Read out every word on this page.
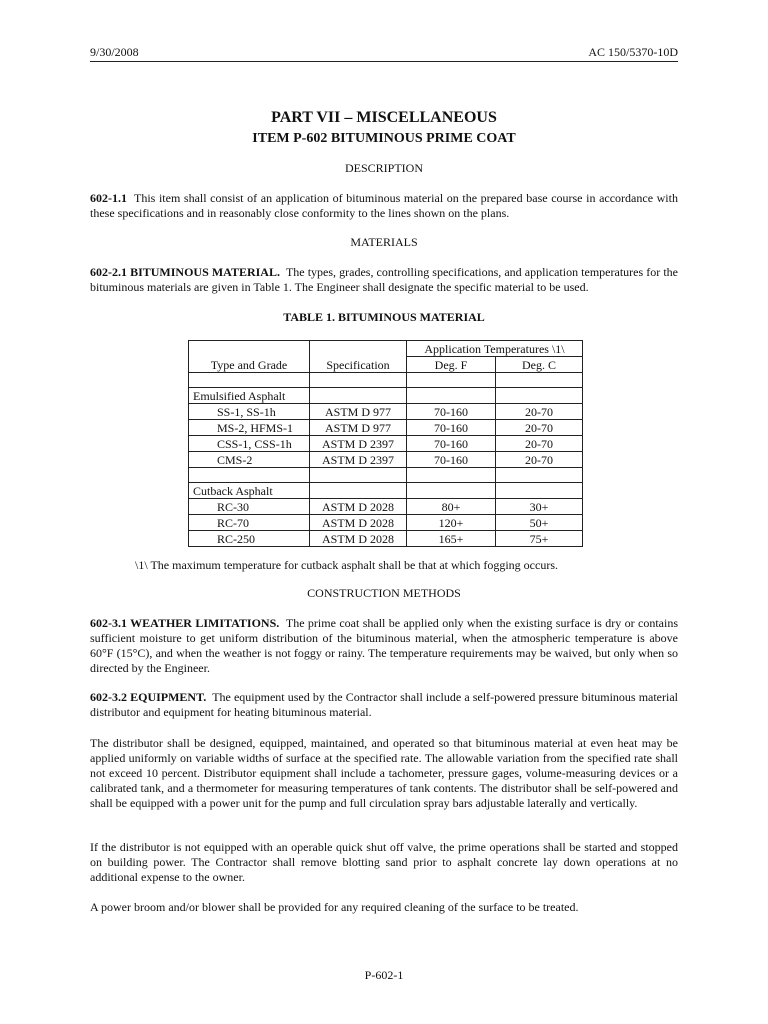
9/30/2008	AC 150/5370-10D
PART VII – MISCELLANEOUS
ITEM P-602 BITUMINOUS PRIME COAT
DESCRIPTION
602-1.1 This item shall consist of an application of bituminous material on the prepared base course in accordance with these specifications and in reasonably close conformity to the lines shown on the plans.
MATERIALS
602-2.1 BITUMINOUS MATERIAL. The types, grades, controlling specifications, and application temperatures for the bituminous materials are given in Table 1. The Engineer shall designate the specific material to be used.
TABLE 1. BITUMINOUS MATERIAL
		Application Temperatures \1\	
Type and Grade	Specification	Deg. F	Deg. C

Emulsified Asphalt			
SS-1, SS-1h	ASTM D 977	70-160	20-70
MS-2, HFMS-1	ASTM D 977	70-160	20-70
CSS-1, CSS-1h	ASTM D 2397	70-160	20-70
CMS-2	ASTM D 2397	70-160	20-70

Cutback Asphalt			
RC-30	ASTM D 2028	80+	30+
RC-70	ASTM D 2028	120+	50+
RC-250	ASTM D 2028	165+	75+
\1\ The maximum temperature for cutback asphalt shall be that at which fogging occurs.
CONSTRUCTION METHODS
602-3.1 WEATHER LIMITATIONS. The prime coat shall be applied only when the existing surface is dry or contains sufficient moisture to get uniform distribution of the bituminous material, when the atmospheric temperature is above 60°F (15°C), and when the weather is not foggy or rainy. The temperature requirements may be waived, but only when so directed by the Engineer.
602-3.2 EQUIPMENT. The equipment used by the Contractor shall include a self-powered pressure bituminous material distributor and equipment for heating bituminous material.
The distributor shall be designed, equipped, maintained, and operated so that bituminous material at even heat may be applied uniformly on variable widths of surface at the specified rate. The allowable variation from the specified rate shall not exceed 10 percent. Distributor equipment shall include a tachometer, pressure gages, volume-measuring devices or a calibrated tank, and a thermometer for measuring temperatures of tank contents. The distributor shall be self-powered and shall be equipped with a power unit for the pump and full circulation spray bars adjustable laterally and vertically.
If the distributor is not equipped with an operable quick shut off valve, the prime operations shall be started and stopped on building power. The Contractor shall remove blotting sand prior to asphalt concrete lay down operations at no additional expense to the owner.
A power broom and/or blower shall be provided for any required cleaning of the surface to be treated.
P-602-1
